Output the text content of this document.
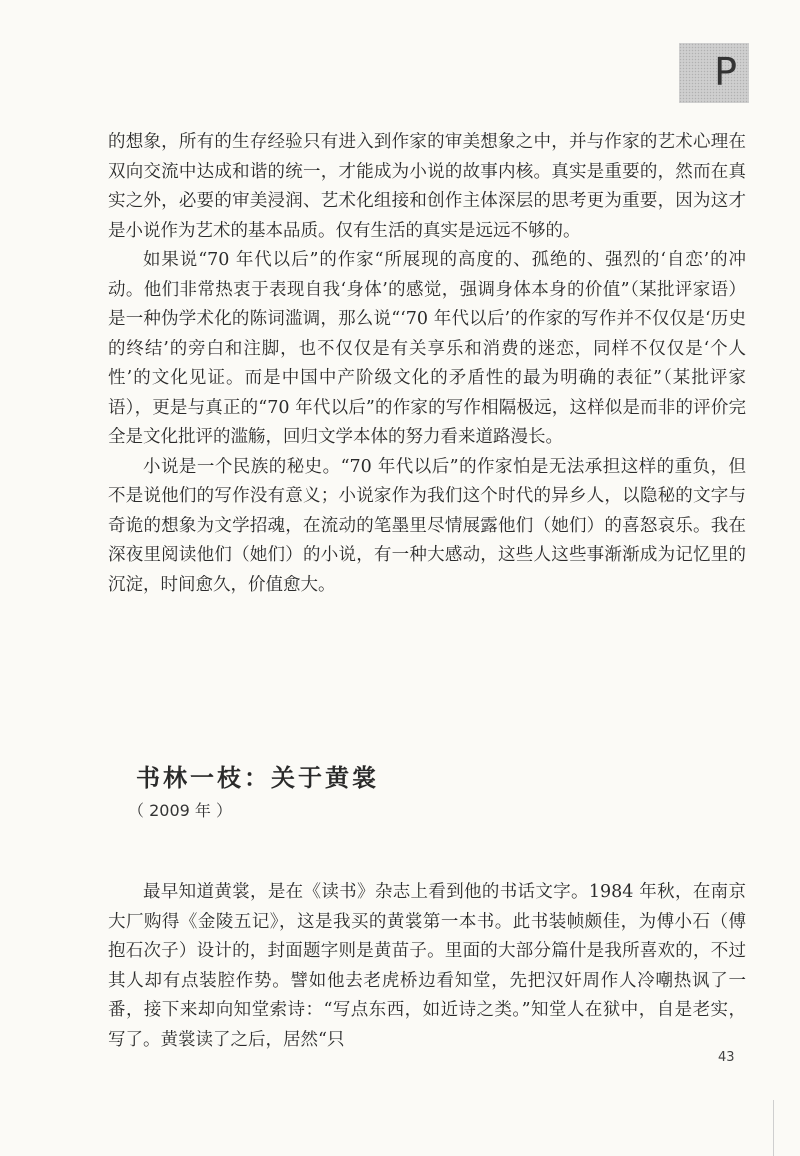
P

的想象，所有的生存经验只有进入到作家的审美想象之中，并与作家的艺术心理在双向交流中达成和谐的统一，才能成为小说的故事内核。真实是重要的，然而在真实之外，必要的审美浸润、艺术化组接和创作主体深层的思考更为重要，因为这才是小说作为艺术的基本品质。仅有生活的真实是远远不够的。

如果说“70 年代以后”的作家“所展现的高度的、孤绝的、强烈的‘自恋’的冲动。他们非常热衷于表现自我‘身体’的感觉，强调身体本身的价值”（某批评家语）是一种伪学术化的陈词滥调，那么说“‘70 年代以后’的作家的写作并不仅仅是‘历史的终结’的旁白和注脚，也不仅仅是有关享乐和消费的迷恋，同样不仅仅是‘个人性’的文化见证。而是中国中产阶级文化的矛盾性的最为明确的表征”（某批评家语），更是与真正的“70 年代以后”的作家的写作相隔极远，这样似是而非的评价完全是文化批评的滥觞，回归文学本体的努力看来道路漫长。

小说是一个民族的秘史。“70 年代以后”的作家怕是无法承担这样的重负，但不是说他们的写作没有意义；小说家作为我们这个时代的异乡人，以隐秘的文字与奇诡的想象为文学招魂，在流动的笔墨里尽情展露他们（她们）的喜怒哀乐。我在深夜里阅读他们（她们）的小说，有一种大感动，这些人这些事渐渐成为记忆里的沉淀，时间愈久，价值愈大。

书林一枝：关于黄裳
（ 2009 年 ）

最早知道黄裳，是在《读书》杂志上看到他的书话文字。1984 年秋，在南京大厂购得《金陵五记》，这是我买的黄裳第一本书。此书装帧颇佳，为傅小石（傅抱石次子）设计的，封面题字则是黄苗子。里面的大部分篇什是我所喜欢的，不过其人却有点装腔作势。譬如他去老虎桥边看知堂，先把汉奸周作人冷嘲热讽了一番，接下来却向知堂索诗：“写点东西，如近诗之类。”知堂人在狱中，自是老实，写了。黄裳读了之后，居然“只

43
